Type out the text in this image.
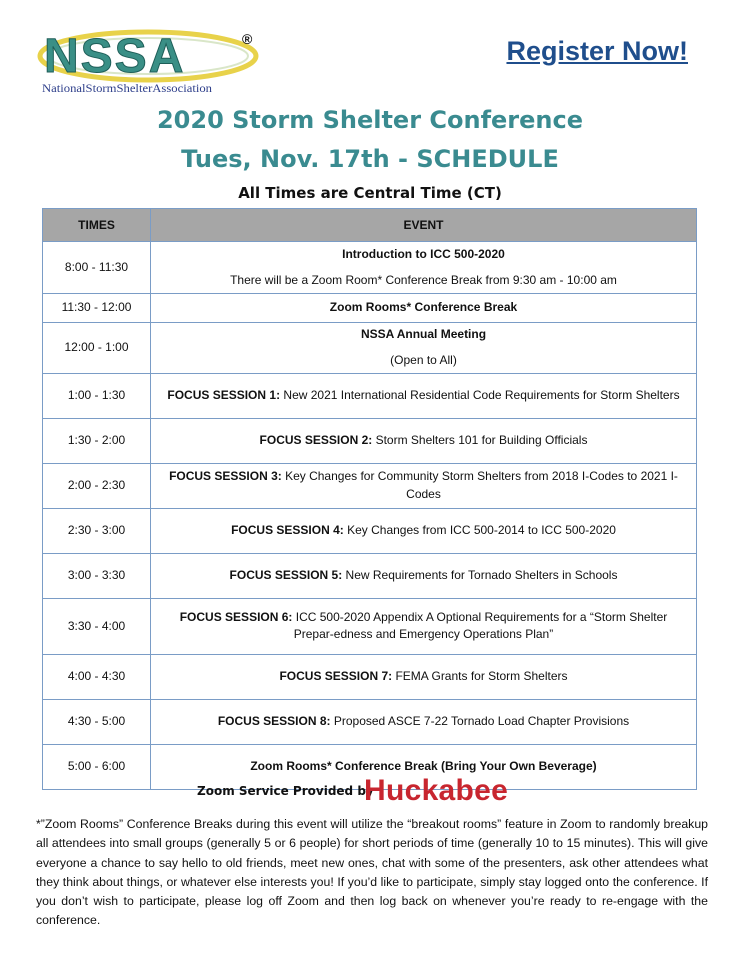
NSSA	®
NationalStormShelterAssociation
Register Now!
2020 Storm Shelter Conference
Tues, Nov. 17th - SCHEDULE
All Times are Central Time (CT)
TIMES	EVENT
8:00 - 11:30	Introduction to ICC 500-2020
There will be a Zoom Room* Conference Break from 9:30 am - 10:00 am

11:30 - 12:00	Zoom Rooms* Conference Break
12:00 - 1:00	NSSA Annual Meeting
(Open to All)

1:00 - 1:30	FOCUS SESSION 1: New 2021 International Residential Code Requirements for Storm Shelters
1:30 - 2:00	FOCUS SESSION 2: Storm Shelters 101 for Building Officials
2:00 - 2:30	FOCUS SESSION 3: Key Changes for Community Storm Shelters from 2018 I-Codes to 2021 I-Codes
2:30 - 3:00	FOCUS SESSION 4: Key Changes from ICC 500-2014 to ICC 500-2020
3:00 - 3:30	FOCUS SESSION 5: New Requirements for Tornado Shelters in Schools
3:30 - 4:00	FOCUS SESSION 6: ICC 500-2020 Appendix A Optional Requirements for a “Storm Shelter Prepar-edness and Emergency Operations Plan”
4:00 - 4:30	FOCUS SESSION 7: FEMA Grants for Storm Shelters
4:30 - 5:00	FOCUS SESSION 8: Proposed ASCE 7-22 Tornado Load Chapter Provisions
5:00 - 6:00	Zoom Rooms* Conference Break (Bring Your Own Beverage)
Zoom Service Provided by
Huckabee
*”Zoom Rooms” Conference Breaks during this event will utilize the “breakout rooms” feature in Zoom to randomly breakup all attendees into small groups (generally 5 or 6 people) for short periods of time (generally 10 to 15 minutes). This will give everyone a chance to say hello to old friends, meet new ones, chat with some of the presenters, ask other attendees what they think about things, or whatever else interests you! If you’d like to participate, simply stay logged onto the conference. If you don’t wish to participate, please log off Zoom and then log back on whenever you’re ready to re-engage with the conference.
